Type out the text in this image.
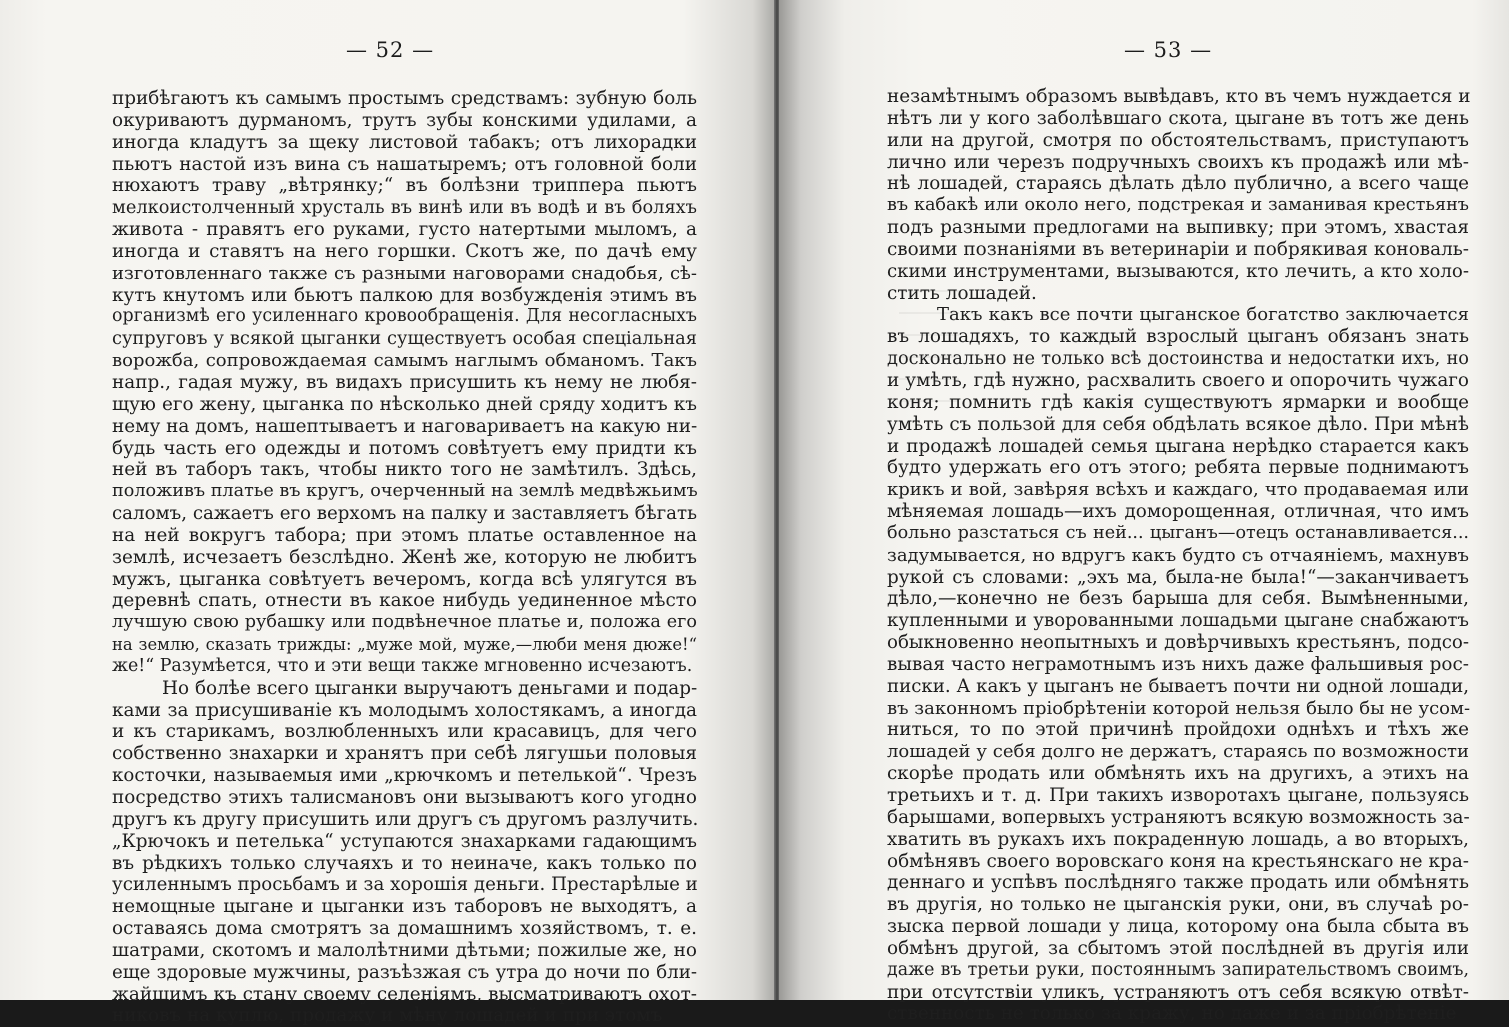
— 52 —
прибѣгаютъ къ самымъ простымъ средствамъ: зубную боль
окуриваютъ дурманомъ, трутъ зубы конскими удилами, а
иногда кладутъ за щеку листовой табакъ; отъ лихорадки
пьютъ настой изъ вина съ нашатыремъ; отъ головной боли
нюхаютъ траву „вѣтрянку;“ въ болѣзни триппера пьютъ
мелкоистолченный хрусталь въ винѣ или въ водѣ и въ боляхъ
живота - правятъ его руками, густо натертыми мыломъ, а
иногда и ставятъ на него горшки. Скотъ же, по дачѣ ему
изготовленнаго также съ разными наговорами снадобья, сѣ-
кутъ кнутомъ или бьютъ палкою для возбужденія этимъ въ
организмѣ его усиленнаго кровообращенія. Для несогласныхъ
супруговъ у всякой цыганки существуетъ особая спеціальная
ворожба, сопровождаемая самымъ наглымъ обманомъ. Такъ
напр., гадая мужу, въ видахъ присушить къ нему не любя-
щую его жену, цыганка по нѣсколько дней сряду ходитъ къ
нему на домъ, нашептываетъ и наговариваетъ на какую ни-
будь часть его одежды и потомъ совѣтуетъ ему придти къ
ней въ таборъ такъ, чтобы никто того не замѣтилъ. Здѣсь,
положивъ платье въ кругъ, очерченный на землѣ медвѣжьимъ
саломъ, сажаетъ его верхомъ на палку и заставляетъ бѣгать
на ней вокругъ табора; при этомъ платье оставленное на
землѣ, исчезаетъ безслѣдно. Женѣ же, которую не любитъ
мужъ, цыганка совѣтуетъ вечеромъ, когда всѣ улягутся въ
деревнѣ спать, отнести въ какое нибудь уединенное мѣсто
лучшую свою рубашку или подвѣнечное платье и, положа его
на землю, сказать трижды: „муже мой, муже,—люби меня дюже!“
же!“ Разумѣется, что и эти вещи также мгновенно исчезаютъ.
Но болѣе всего цыганки выручаютъ деньгами и подар-
ками за присушиванiе къ молодымъ холостякамъ, а иногда
и къ старикамъ, возлюбленныхъ или красавицъ, для чего
собственно знахарки и хранятъ при себѣ лягушьи половыя
косточки, называемыя ими „крючкомъ и петелькой“. Чрезъ
посредство этихъ талисмановъ они вызываютъ кого угодно
другъ къ другу присушить или другъ съ другомъ разлучить.
„Крючокъ и петелька“ уступаются знахарками гадающимъ
въ рѣдкихъ только случаяхъ и то неиначе, какъ только по
усиленнымъ просьбамъ и за хорошiя деньги. Престарѣлые и
немощные цыгане и цыганки изъ таборовъ не выходятъ, а
оставаясь дома смотрятъ за домашнимъ хозяйствомъ, т. е.
шатрами, скотомъ и малолѣтними дѣтьми; пожилые же, но
еще здоровые мужчины, разъѣзжая съ утра до ночи по бли-
жайшимъ къ стану своему селенiямъ, высматриваютъ охот-
никовъ на куплю, продажу и мѣну лошадей и при этомъ
— 53 —
незамѣтнымъ образомъ вывѣдавъ, кто въ чемъ нуждается и
нѣтъ ли у кого заболѣвшаго скота, цыгане въ тотъ же день
или на другой, смотря по обстоятельствамъ, приступаютъ
лично или черезъ подручныхъ своихъ къ продажѣ или мѣ-
нѣ лошадей, стараясь дѣлать дѣло публично, а всего чаще
въ кабакѣ или около него, подстрекая и заманивая крестьянъ
подъ разными предлогами на выпивку; при этомъ, хвастая
своими познанiями въ ветеринарiи и побрякивая коноваль-
скими инструментами, вызываются, кто лечить, а кто холо-
стить лошадей.
Такъ какъ все почти цыганское богатство заключается
въ лошадяхъ, то каждый взрослый цыганъ обязанъ знать
досконально не только всѣ достоинства и недостатки ихъ, но
и умѣть, гдѣ нужно, расхвалить своего и опорочить чужаго
коня; помнить гдѣ какiя существуютъ ярмарки и вообще
умѣть съ пользой для себя обдѣлать всякое дѣло. При мѣнѣ
и продажѣ лошадей семья цыгана нерѣдко старается какъ
будто удержать его отъ этого; ребята первые поднимаютъ
крикъ и вой, завѣряя всѣхъ и каждаго, что продаваемая или
мѣняемая лошадь—ихъ доморощенная, отличная, что имъ
больно разстаться съ ней... цыганъ—отецъ останавливается...
задумывается, но вдругъ какъ будто съ отчаянiемъ, махнувъ
рукой съ словами: „эхъ ма, была-не была!“—заканчиваетъ
дѣло,—конечно не безъ барыша для себя. Вымѣненными,
купленными и уворованными лошадьми цыгане снабжаютъ
обыкновенно неопытныхъ и довѣрчивыхъ крестьянъ, подсо-
вывая часто неграмотнымъ изъ нихъ даже фальшивыя рос-
писки. А какъ у цыганъ не бываетъ почти ни одной лошади,
въ законномъ прiобрѣтенiи которой нельзя было бы не усом-
ниться, то по этой причинѣ пройдохи однѣхъ и тѣхъ же
лошадей у себя долго не держатъ, стараясь по возможности
скорѣе продать или обмѣнять ихъ на другихъ, а этихъ на
третьихъ и т. д. При такихъ изворотахъ цыгане, пользуясь
барышами, вопервыхъ устраняютъ всякую возможность за-
хватить въ рукахъ ихъ покраденную лошадь, а во вторыхъ,
обмѣнявъ своего воровскаго коня на крестьянскаго не кра-
деннаго и успѣвъ послѣдняго также продать или обмѣнять
въ другiя, но только не цыганскiя руки, они, въ случаѣ ро-
зыска первой лошади у лица, которому она была сбыта въ
обмѣнъ другой, за сбытомъ этой послѣдней въ другiя или
даже въ третьи руки, постояннымъ запирательствомъ своимъ,
при отсутствiи уликъ, устраняютъ отъ себя всякую отвѣт-
ственность не только за кражу, но даже и за прiобрѣтенiе
